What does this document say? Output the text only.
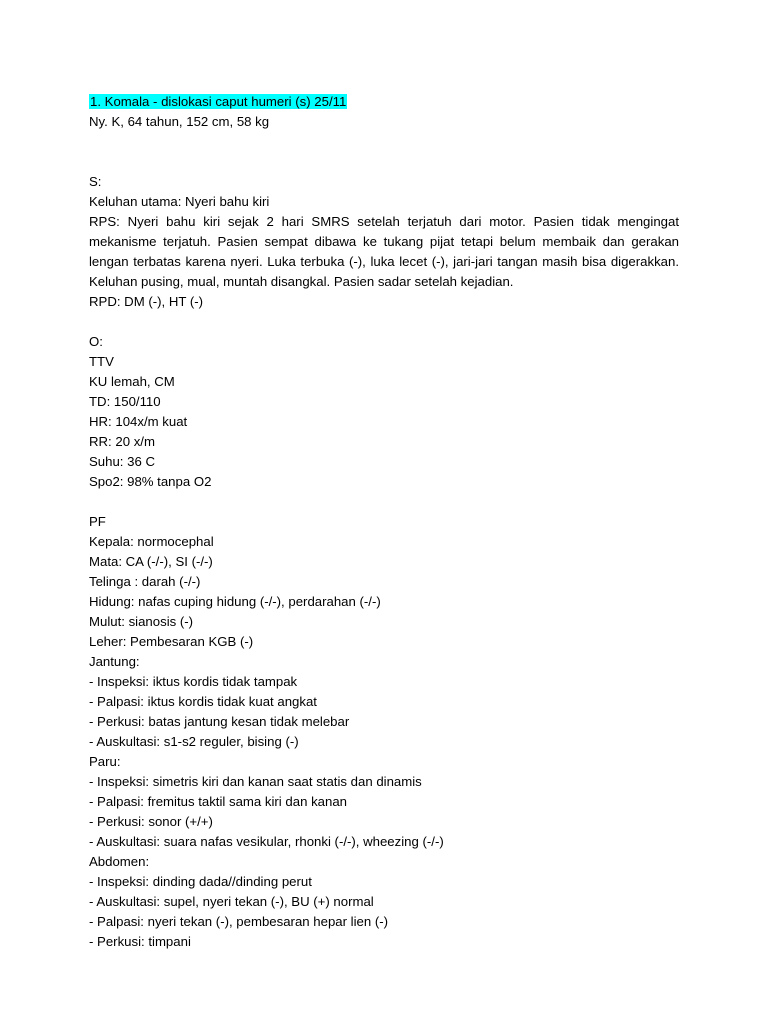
1. Komala - dislokasi caput humeri (s) 25/11
Ny. K, 64 tahun, 152 cm, 58 kg
S:
Keluhan utama: Nyeri bahu kiri
RPS: Nyeri bahu kiri sejak 2 hari SMRS setelah terjatuh dari motor. Pasien tidak mengingat mekanisme terjatuh. Pasien sempat dibawa ke tukang pijat tetapi belum membaik dan gerakan lengan terbatas karena nyeri. Luka terbuka (-), luka lecet (-), jari-jari tangan masih bisa digerakkan. Keluhan pusing, mual, muntah disangkal. Pasien sadar setelah kejadian.
RPD: DM (-), HT (-)
O:
TTV
KU lemah, CM
TD: 150/110
HR: 104x/m kuat
RR: 20 x/m
Suhu: 36 C
Spo2: 98% tanpa O2
PF
Kepala: normocephal
Mata: CA (-/-), SI (-/-)
Telinga : darah (-/-)
Hidung: nafas cuping hidung (-/-), perdarahan (-/-)
Mulut: sianosis (-)
Leher: Pembesaran KGB (-)
Jantung:
- Inspeksi: iktus kordis tidak tampak
- Palpasi: iktus kordis tidak kuat angkat
- Perkusi: batas jantung kesan tidak melebar
- Auskultasi: s1-s2 reguler, bising (-)
Paru:
- Inspeksi: simetris kiri dan kanan saat statis dan dinamis
- Palpasi: fremitus taktil sama kiri dan kanan
- Perkusi: sonor (+/+)
- Auskultasi: suara nafas vesikular, rhonki (-/-), wheezing (-/-)
Abdomen:
- Inspeksi: dinding dada//dinding perut
- Auskultasi: supel, nyeri tekan (-), BU (+) normal
- Palpasi: nyeri tekan (-), pembesaran hepar lien (-)
- Perkusi: timpani
